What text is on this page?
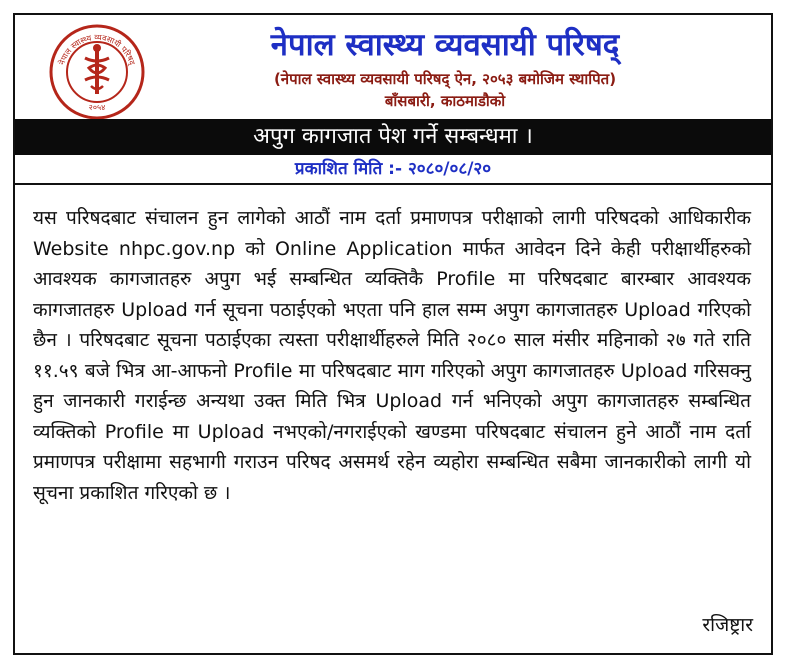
नेपाल स्वास्थ्य व्यवसायी परिषद्
२०५४
नेपाल स्वास्थ्य व्यवसायी परिषद्
(नेपाल स्वास्थ्य व्यवसायी परिषद् ऐन, २०५३ बमोजिम स्थापित)
बाँसबारी, काठमाडौको
अपुग कागजात पेश गर्ने सम्बन्धमा ।
प्रकाशित मिति :- २०८०/०८/२०

यस परिषदबाट संचालन हुन लागेको आठौं नाम दर्ता प्रमाणपत्र परीक्षाको लागी परिषदको आधिकारीक Website nhpc.gov.np को Online Application मार्फत आवेदन दिने केही परीक्षार्थीहरुको आवश्यक कागजातहरु अपुग भई सम्बन्धित व्यक्तिकै Profile मा परिषदबाट बारम्बार आवश्यक कागजातहरु Upload गर्न सूचना पठाईएको भएता पनि हाल सम्म अपुग कागजातहरु Upload गरिएको छैन । परिषदबाट सूचना पठाईएका त्यस्ता परीक्षार्थीहरुले मिति २०८० साल मंसीर महिनाको २७ गते राति ११.५९ बजे भित्र आ-आफनो Profile मा परिषदबाट माग गरिएको अपुग कागजातहरु Upload गरिसक्नु हुन जानकारी गराईन्छ अन्यथा उक्त मिति भित्र Upload गर्न भनिएको अपुग कागजातहरु सम्बन्धित व्यक्तिको Profile मा Upload नभएको/नगराईएको खण्डमा परिषदबाट संचालन हुने आठौं नाम दर्ता प्रमाणपत्र परीक्षामा सहभागी गराउन परिषद असमर्थ रहेन व्यहोरा सम्बन्धित सबैमा जानकारीको लागी यो सूचना प्रकाशित गरिएको छ ।

रजिष्ट्रार
